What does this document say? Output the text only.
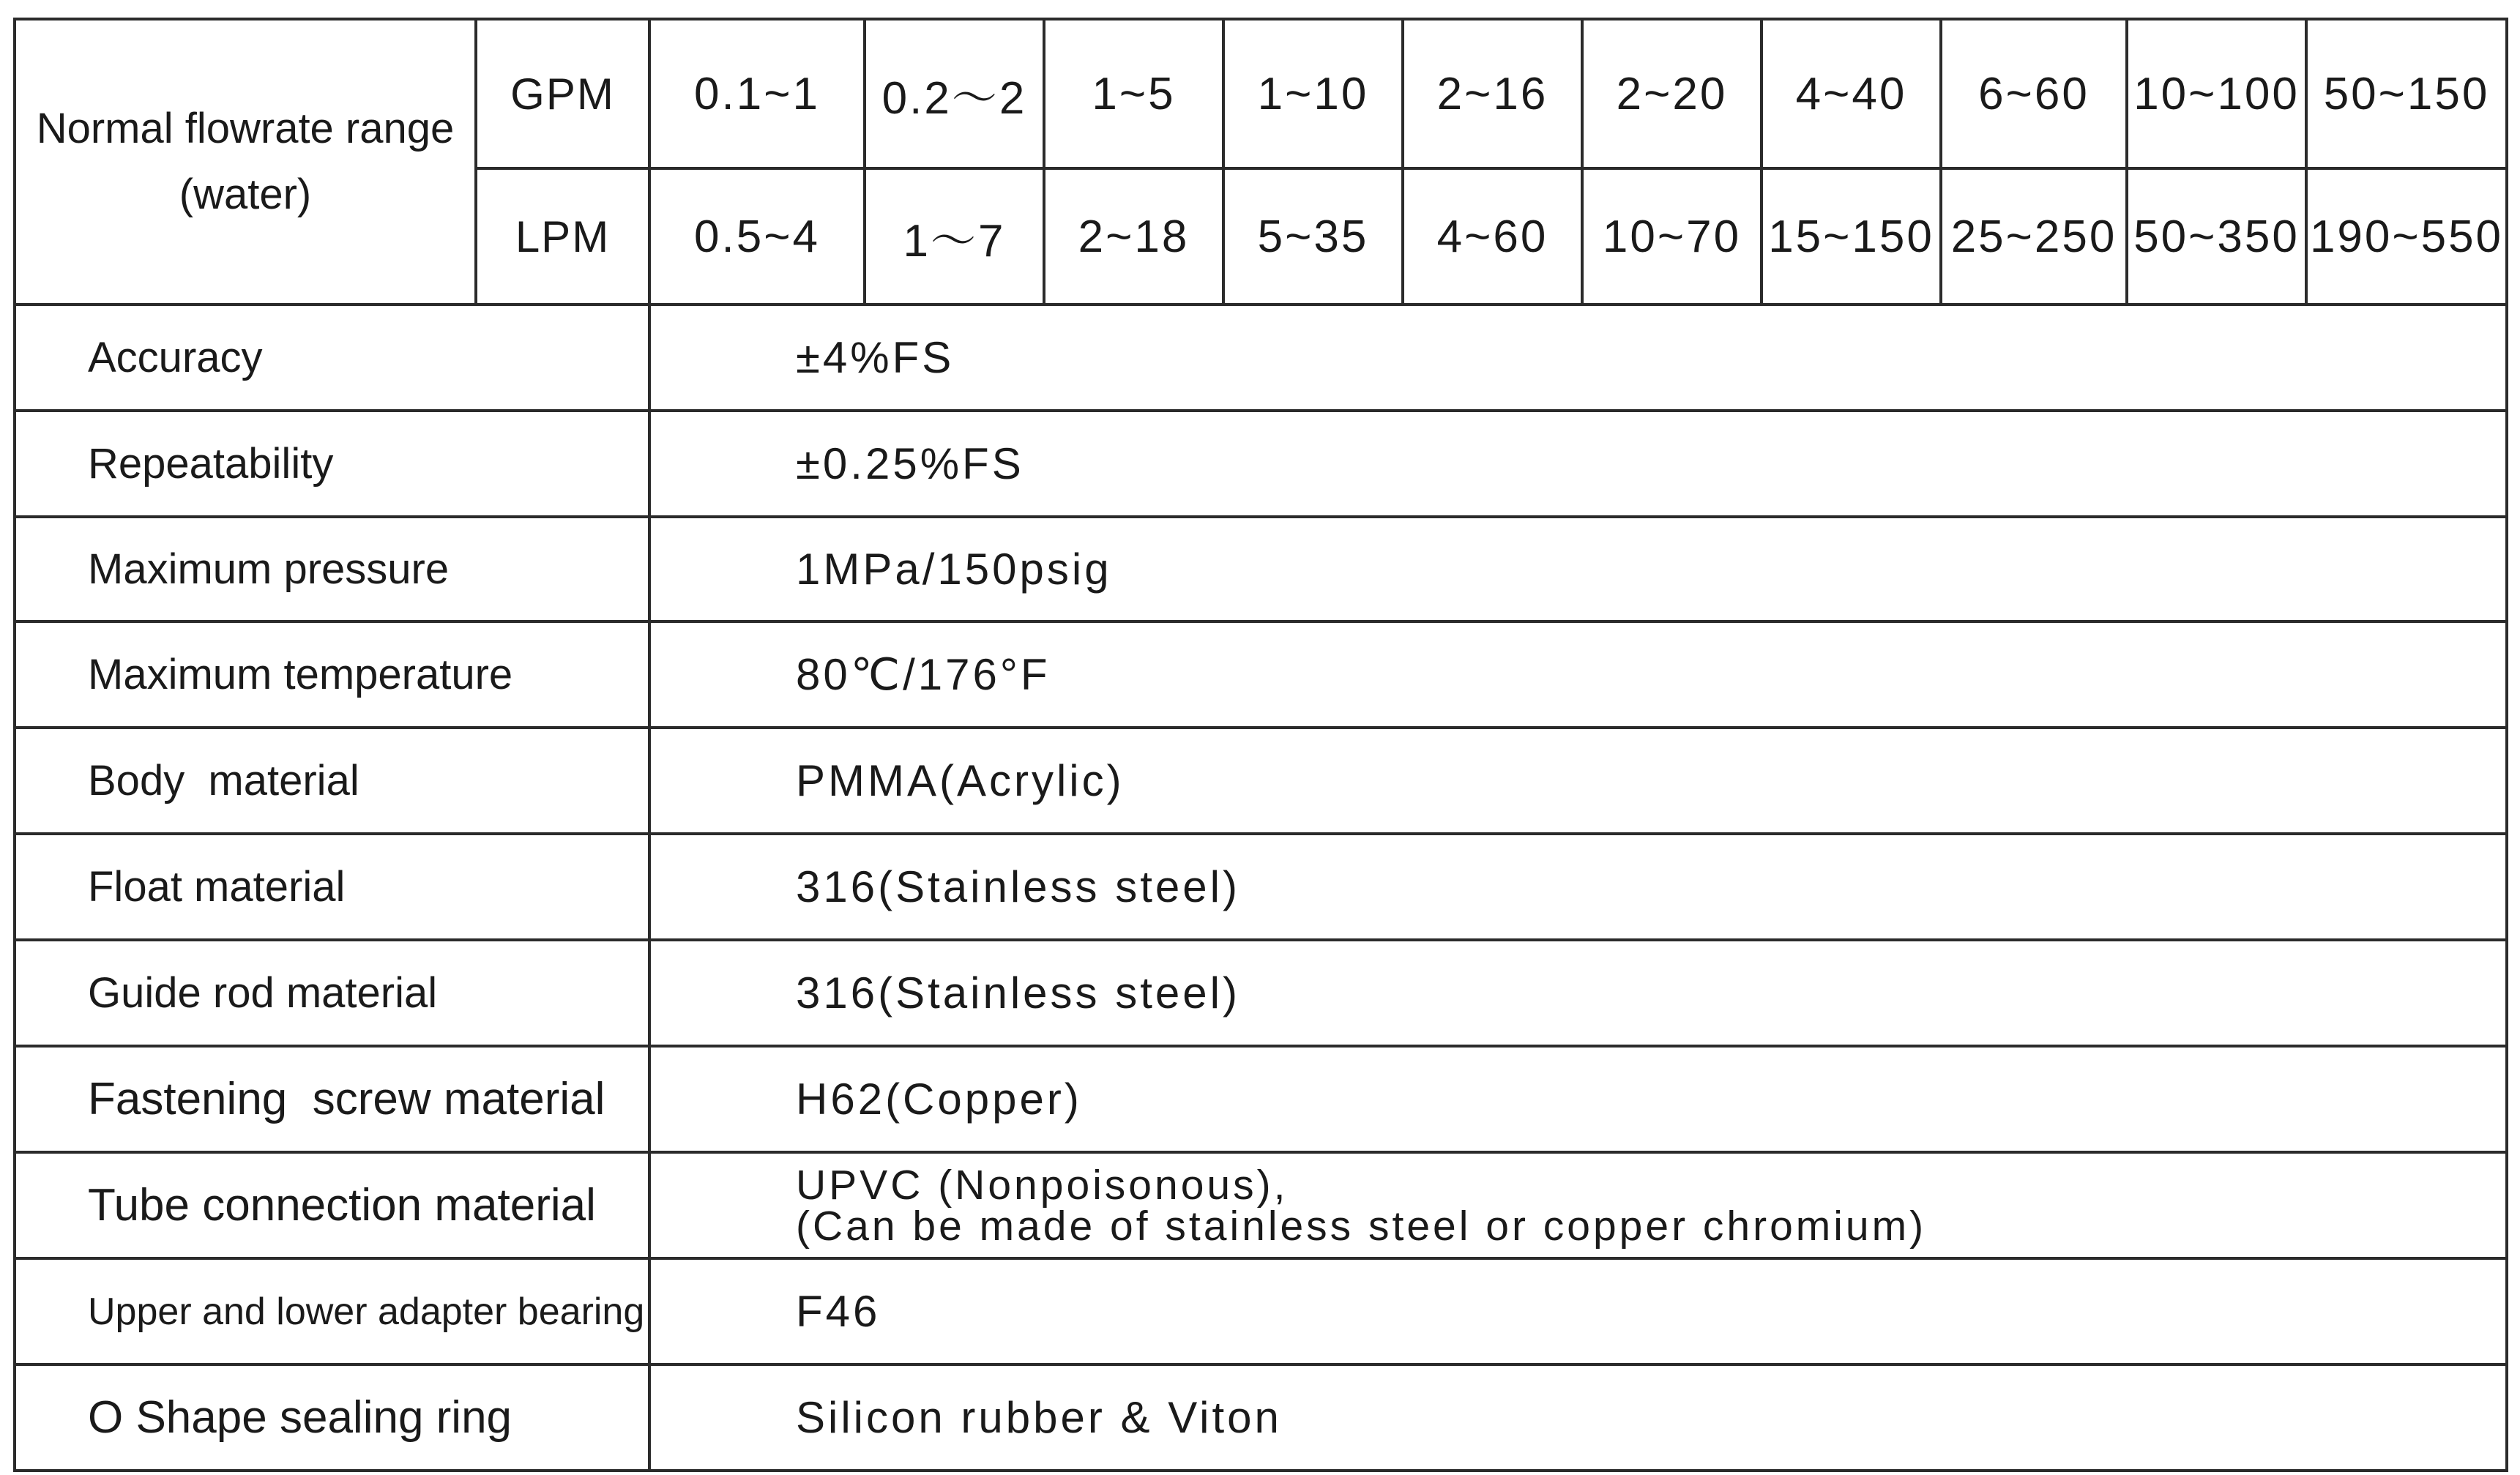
Normal flowrate range
(water)	GPM	0.1~1	0.2～2	1~5	1~10	2~16	2~20	4~40	6~60	10~100	50~150
	LPM	0.5~4	1～7	2~18	5~35	4~60	10~70	15~150	25~250	50~350	190~550
Accuracy		±4%FS									
Repeatability		±0.25%FS									
Maximum pressure		1MPa/150psig									
Maximum temperature		80℃/176°F									
Body  material		PMMA(Acrylic)									
Float material		316(Stainless steel)									
Guide rod material		316(Stainless steel)									
Fastening  screw material		H62(Copper)									
Tube connection material		UPVC (Nonpoisonous),
(Can be made of stainless steel or copper chromium)									

Upper and lower adapter bearing		F46									
O Shape sealing ring		Silicon rubber & Viton									
